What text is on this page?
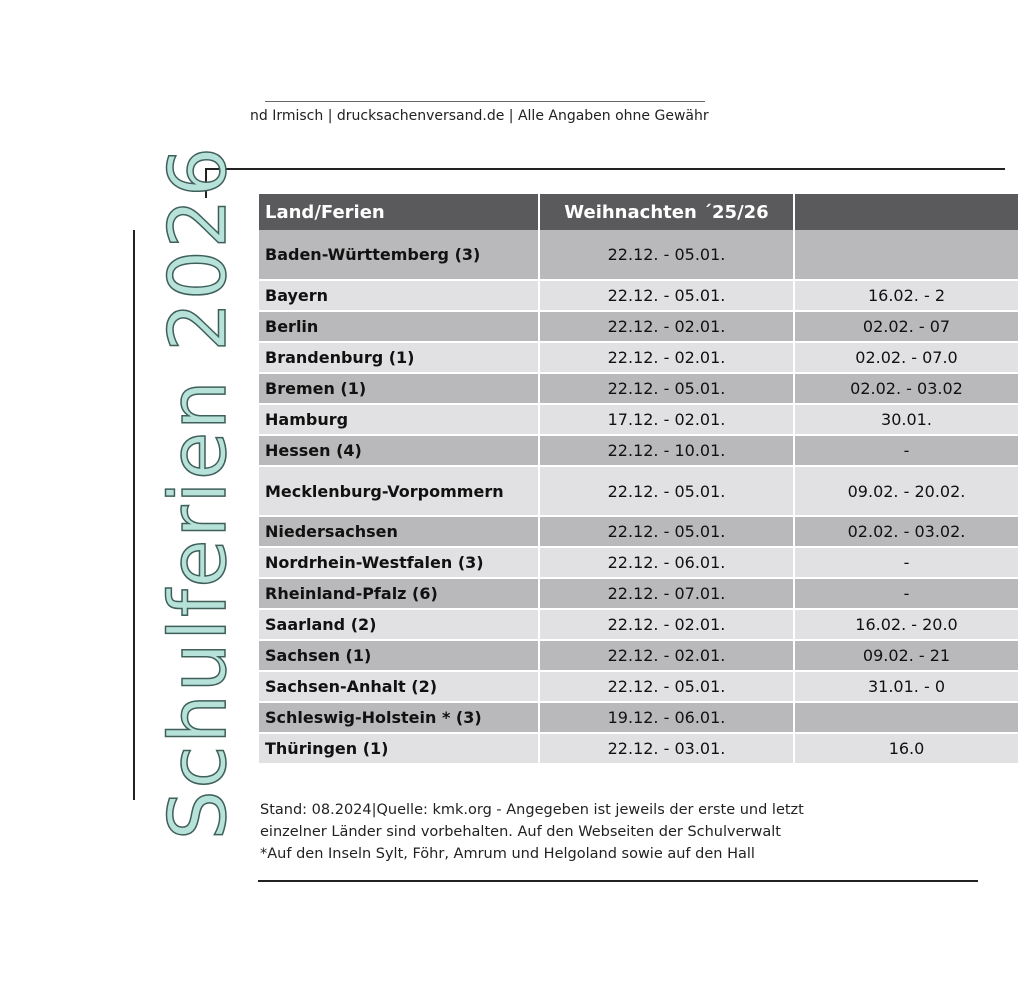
nd Irmisch | drucksachenversand.de | Alle Angaben ohne Gewähr
Schulferien 2026 Land/Ferien	Weihnachten ´25/26	
Baden-Württemberg (3)	22.12. - 05.01.	
Bayern	22.12. - 05.01.	16.02. - 2
Berlin	22.12. - 02.01.	02.02. - 07
Brandenburg (1)	22.12. - 02.01.	02.02. - 07.0
Bremen (1)	22.12. - 05.01.	02.02. - 03.02
Hamburg	17.12. - 02.01.	30.01.
Hessen (4)	22.12. - 10.01.	-
Mecklenburg-Vorpommern	22.12. - 05.01.	09.02. - 20.02.
Niedersachsen	22.12. - 05.01.	02.02. - 03.02.
Nordrhein-Westfalen (3)	22.12. - 06.01.	-
Rheinland-Pfalz (6)	22.12. - 07.01.	-
Saarland (2)	22.12. - 02.01.	16.02. - 20.0
Sachsen (1)	22.12. - 02.01.	09.02. - 21
Sachsen-Anhalt (2)	22.12. - 05.01.	31.01. - 0
Schleswig-Holstein * (3)	19.12. - 06.01.	
Thüringen (1)	22.12. - 03.01.	16.0
Stand: 08.2024|Quelle: kmk.org - Angegeben ist jeweils der erste und letzt
einzelner Länder sind vorbehalten. Auf den Webseiten der Schulverwalt
*Auf den Inseln Sylt, Föhr, Amrum und Helgoland sowie auf den Hall
